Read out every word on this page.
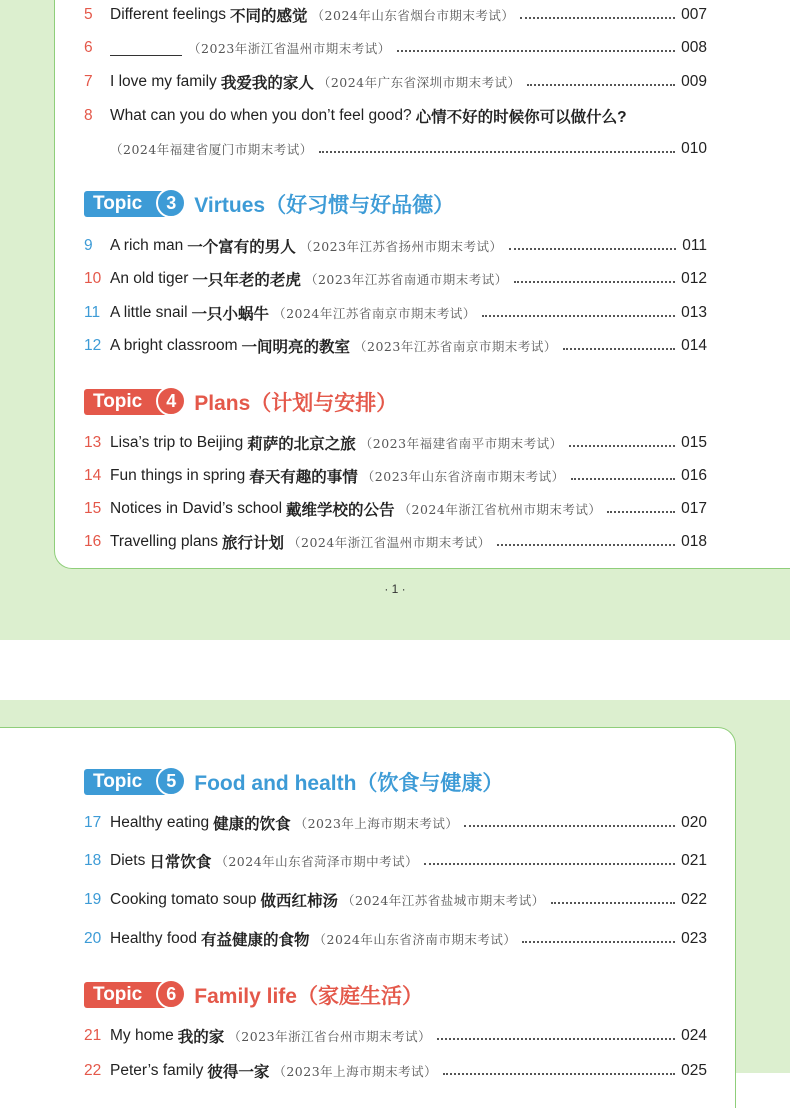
· 1 ·
5	Different feelings 不同的感觉 （2024年山东省烟台市期末考试）	007
6	（2023年浙江省温州市期末考试）	008
7	I love my family 我爱我的家人 （2024年广东省深圳市期末考试）	009
8	What can you do when you don’t feel good? 心情不好的时候你可以做什么?
（2024年福建省厦门市期末考试）	010
Topic	3 Virtues（好习惯与好品德）
9	A rich man 一个富有的男人 （2023年江苏省扬州市期末考试）	011
10 An old tiger 一只年老的老虎 （2023年江苏省南通市期末考试）	012
11 A little snail 一只小蜗牛 （2024年江苏省南京市期末考试）	013
12 A bright classroom 一间明亮的教室 （2023年江苏省南京市期末考试）	014
Topic	4 Plans（计划与安排）
13 Lisa’s trip to Beijing 莉萨的北京之旅 （2023年福建省南平市期末考试）	015
14 Fun things in spring 春天有趣的事情 （2023年山东省济南市期末考试）	016
15 Notices in David’s school 戴维学校的公告 （2024年浙江省杭州市期末考试）	017
16 Travelling plans 旅行计划 （2024年浙江省温州市期末考试）	018
Topic	5 Food and health（饮食与健康）
17 Healthy eating 健康的饮食 （2023年上海市期末考试）	020
18 Diets 日常饮食 （2024年山东省菏泽市期中考试）	021
19 Cooking tomato soup 做西红柿汤 （2024年江苏省盐城市期末考试）	022
20 Healthy food 有益健康的食物 （2024年山东省济南市期末考试）	023
Topic	6 Family life（家庭生活）
21 My home 我的家 （2023年浙江省台州市期末考试）	024
22 Peter’s family 彼得一家 （2023年上海市期末考试）	025
